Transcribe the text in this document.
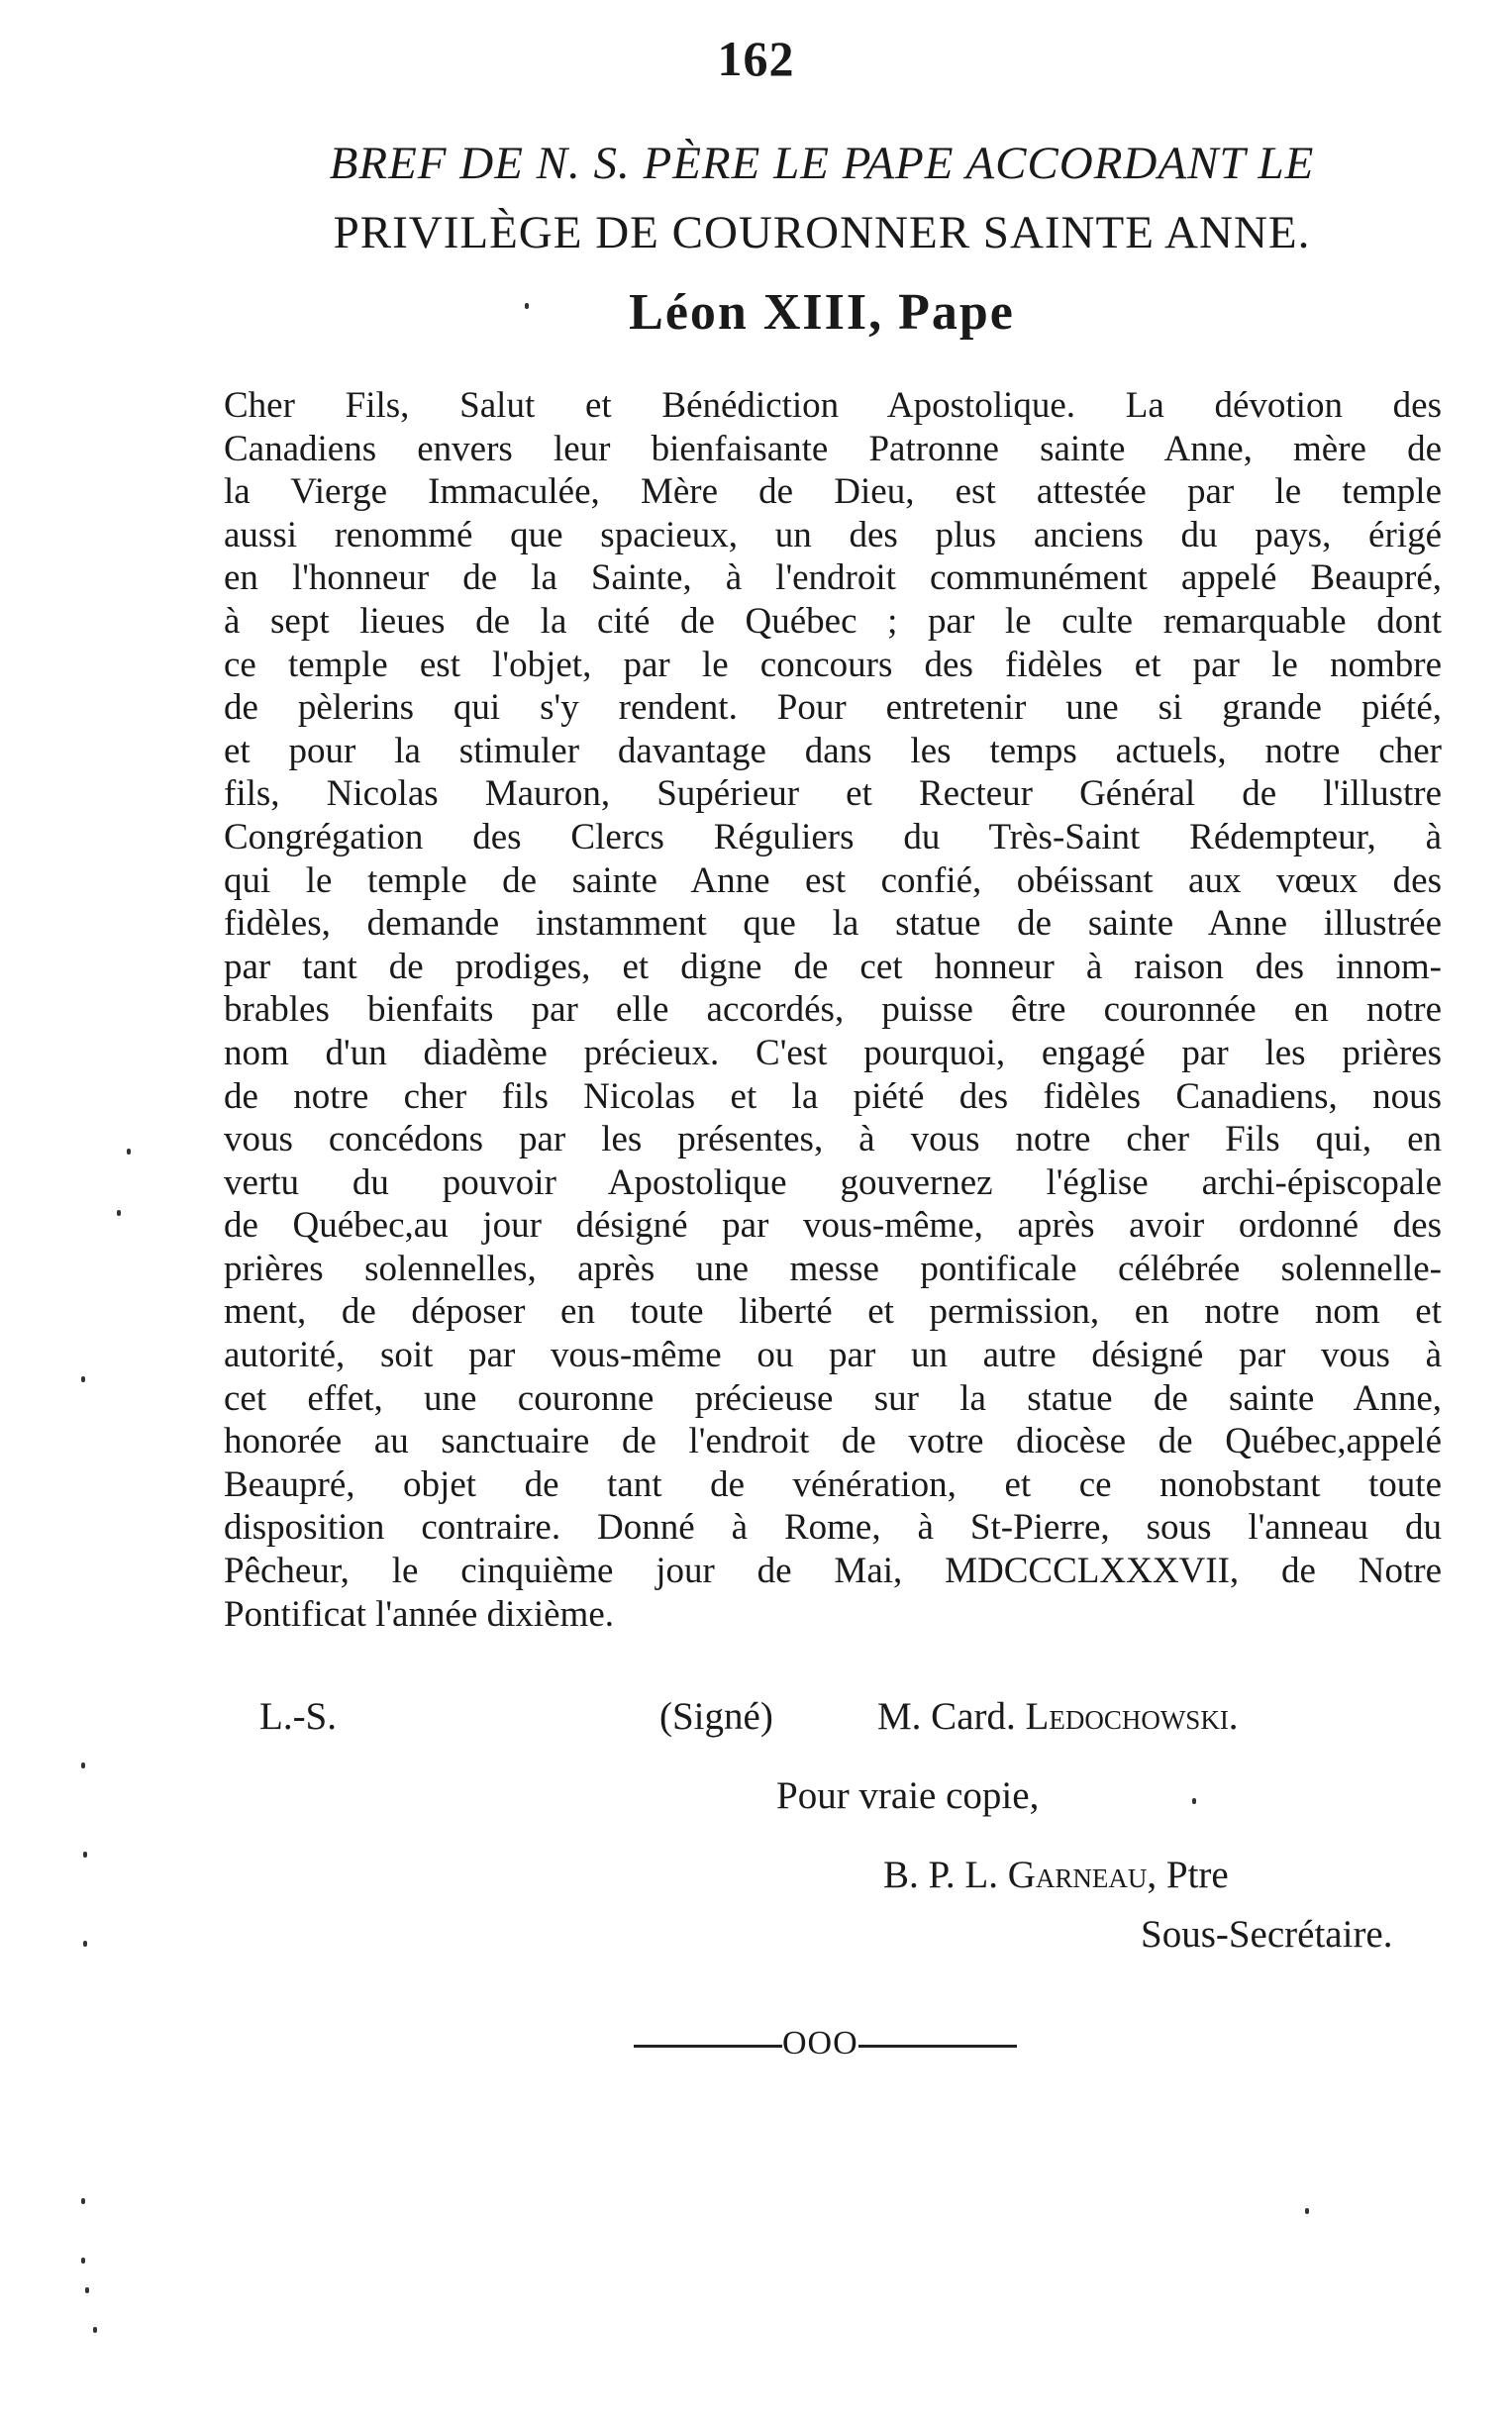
162
BREF DE N. S. PÈRE LE PAPE ACCORDANT LE
PRIVILÈGE DE COURONNER SAINTE ANNE.
Léon XIII, Pape
Cher Fils, Salut et Bénédiction Apostolique. La dévotion des
Canadiens envers leur bienfaisante Patronne sainte Anne, mère de
la Vierge Immaculée, Mère de Dieu, est attestée par le temple
aussi renommé que spacieux, un des plus anciens du pays, érigé
en l'honneur de la Sainte, à l'endroit communément appelé Beaupré,
à sept lieues de la cité de Québec ; par le culte remarquable dont
ce temple est l'objet, par le concours des fidèles et par le nombre
de pèlerins qui s'y rendent. Pour entretenir une si grande piété,
et pour la stimuler davantage dans les temps actuels, notre cher
fils, Nicolas Mauron, Supérieur et Recteur Général de l'illustre
Congrégation des Clercs Réguliers du Très-Saint Rédempteur, à
qui le temple de sainte Anne est confié, obéissant aux vœux des
fidèles, demande instamment que la statue de sainte Anne illustrée
par tant de prodiges, et digne de cet honneur à raison des innom-
brables bienfaits par elle accordés, puisse être couronnée en notre
nom d'un diadème précieux. C'est pourquoi, engagé par les prières
de notre cher fils Nicolas et la piété des fidèles Canadiens, nous
vous concédons par les présentes, à vous notre cher Fils qui, en
vertu du pouvoir Apostolique gouvernez l'église archi-épiscopale
de Québec,au jour désigné par vous-même, après avoir ordonné des
prières solennelles, après une messe pontificale célébrée solennelle-
ment, de déposer en toute liberté et permission, en notre nom et
autorité, soit par vous-même ou par un autre désigné par vous à
cet effet, une couronne précieuse sur la statue de sainte Anne,
honorée au sanctuaire de l'endroit de votre diocèse de Québec,appelé
Beaupré, objet de tant de vénération, et ce nonobstant toute
disposition contraire. Donné à Rome, à St-Pierre, sous l'anneau du
Pêcheur, le cinquième jour de Mai, MDCCCLXXXVII, de Notre
Pontificat l'année dixième.
L.-S.	(Signé)	M. Card. Ledochowski.
Pour vraie copie,
B. P. L. Garneau, Ptre
Sous-Secrétaire.
OOO
